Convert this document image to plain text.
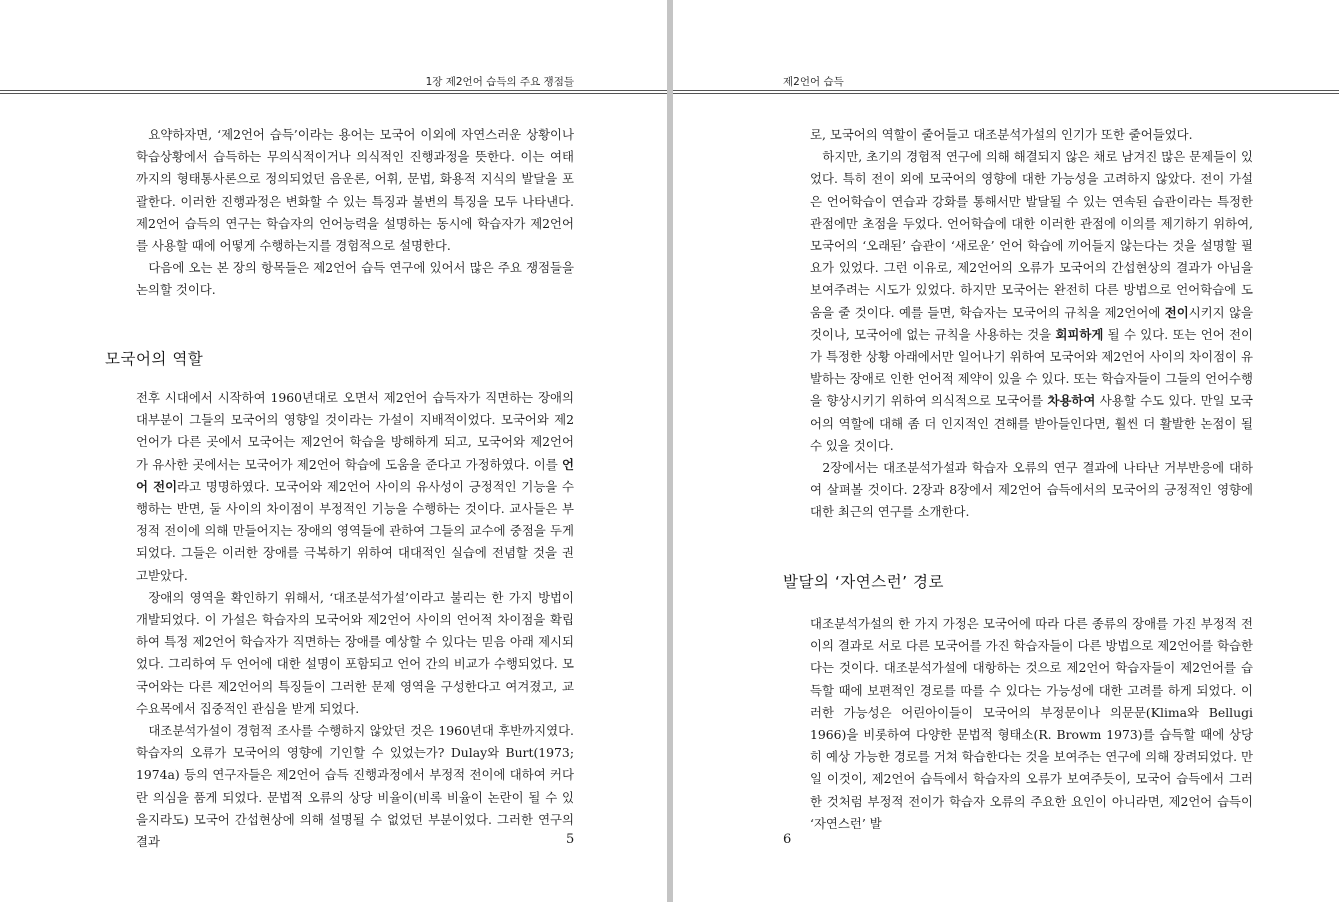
1장 제2언어 습득의 주요 쟁점들

요약하자면, ‘제2언어 습득’이라는 용어는 모국어 이외에 자연스러운 상황이나 학습상황에서 습득하는 무의식적이거나 의식적인 진행과정을 뜻한다. 이는 여태까지의 형태통사론으로 정의되었던 음운론, 어휘, 문법, 화용적 지식의 발달을 포괄한다. 이러한 진행과정은 변화할 수 있는 특징과 불변의 특징을 모두 나타낸다. 제2언어 습득의 연구는 학습자의 언어능력을 설명하는 동시에 학습자가 제2언어를 사용할 때에 어떻게 수행하는지를 경험적으로 설명한다.

다음에 오는 본 장의 항목들은 제2언어 습득 연구에 있어서 많은 주요 쟁점들을 논의할 것이다.

모국어의 역할

전후 시대에서 시작하여 1960년대로 오면서 제2언어 습득자가 직면하는 장애의 대부분이 그들의 모국어의 영향일 것이라는 가설이 지배적이었다. 모국어와 제2언어가 다른 곳에서 모국어는 제2언어 학습을 방해하게 되고, 모국어와 제2언어가 유사한 곳에서는 모국어가 제2언어 학습에 도움을 준다고 가정하였다. 이를 언어 전이라고 명명하였다. 모국어와 제2언어 사이의 유사성이 긍정적인 기능을 수행하는 반면, 둘 사이의 차이점이 부정적인 기능을 수행하는 것이다. 교사들은 부정적 전이에 의해 만들어지는 장애의 영역들에 관하여 그들의 교수에 중점을 두게 되었다. 그들은 이러한 장애를 극복하기 위하여 대대적인 실습에 전념할 것을 권고받았다.

장애의 영역을 확인하기 위해서, ‘대조분석가설’이라고 불리는 한 가지 방법이 개발되었다. 이 가설은 학습자의 모국어와 제2언어 사이의 언어적 차이점을 확립하여 특정 제2언어 학습자가 직면하는 장애를 예상할 수 있다는 믿음 아래 제시되었다. 그리하여 두 언어에 대한 설명이 포함되고 언어 간의 비교가 수행되었다. 모국어와는 다른 제2언어의 특징들이 그러한 문제 영역을 구성한다고 여겨졌고, 교수요목에서 집중적인 관심을 받게 되었다.

대조분석가설이 경험적 조사를 수행하지 않았던 것은 1960년대 후반까지였다. 학습자의 오류가 모국어의 영향에 기인할 수 있었는가? Dulay와 Burt(1973; 1974a) 등의 연구자들은 제2언어 습득 진행과정에서 부정적 전이에 대하여 커다란 의심을 품게 되었다. 문법적 오류의 상당 비율이(비록 비율이 논란이 될 수 있을지라도) 모국어 간섭현상에 의해 설명될 수 없었던 부분이었다. 그러한 연구의 결과	5
제2언어 습득

로, 모국어의 역할이 줄어들고 대조분석가설의 인기가 또한 줄어들었다.

하지만, 초기의 경험적 연구에 의해 해결되지 않은 채로 남겨진 많은 문제들이 있었다. 특히 전이 외에 모국어의 영향에 대한 가능성을 고려하지 않았다. 전이 가설은 언어학습이 연습과 강화를 통해서만 발달될 수 있는 연속된 습관이라는 특정한 관점에만 초점을 두었다. 언어학습에 대한 이러한 관점에 이의를 제기하기 위하여, 모국어의 ‘오래된’ 습관이 ‘새로운’ 언어 학습에 끼어들지 않는다는 것을 설명할 필요가 있었다. 그런 이유로, 제2언어의 오류가 모국어의 간섭현상의 결과가 아님을 보여주려는 시도가 있었다. 하지만 모국어는 완전히 다른 방법으로 언어학습에 도움을 줄 것이다. 예를 들면, 학습자는 모국어의 규칙을 제2언어에 전이시키지 않을 것이나, 모국어에 없는 규칙을 사용하는 것을 회피하게 될 수 있다. 또는 언어 전이가 특정한 상황 아래에서만 일어나기 위하여 모국어와 제2언어 사이의 차이점이 유발하는 장애로 인한 언어적 제약이 있을 수 있다. 또는 학습자들이 그들의 언어수행을 향상시키기 위하여 의식적으로 모국어를 차용하여 사용할 수도 있다. 만일 모국어의 역할에 대해 좀 더 인지적인 견해를 받아들인다면, 훨씬 더 활발한 논점이 될 수 있을 것이다.

2장에서는 대조분석가설과 학습자 오류의 연구 결과에 나타난 거부반응에 대하여 살펴볼 것이다. 2장과 8장에서 제2언어 습득에서의 모국어의 긍정적인 영향에 대한 최근의 연구를 소개한다.

발달의 ‘자연스런’ 경로

대조분석가설의 한 가지 가정은 모국어에 따라 다른 종류의 장애를 가진 부정적 전이의 결과로 서로 다른 모국어를 가진 학습자들이 다른 방법으로 제2언어를 학습한다는 것이다. 대조분석가설에 대항하는 것으로 제2언어 학습자들이 제2언어를 습득할 때에 보편적인 경로를 따를 수 있다는 가능성에 대한 고려를 하게 되었다. 이러한 가능성은 어린아이들이 모국어의 부정문이나 의문문(Klima와 Bellugi 1966)을 비롯하여 다양한 문법적 형태소(R. Browm 1973)를 습득할 때에 상당히 예상 가능한 경로를 거쳐 학습한다는 것을 보여주는 연구에 의해 장려되었다. 만일 이것이, 제2언어 습득에서 학습자의 오류가 보여주듯이, 모국어 습득에서 그러한 것처럼 부정적 전이가 학습자 오류의 주요한 요인이 아니라면, 제2언어 습득이 ‘자연스런’ 발

6
